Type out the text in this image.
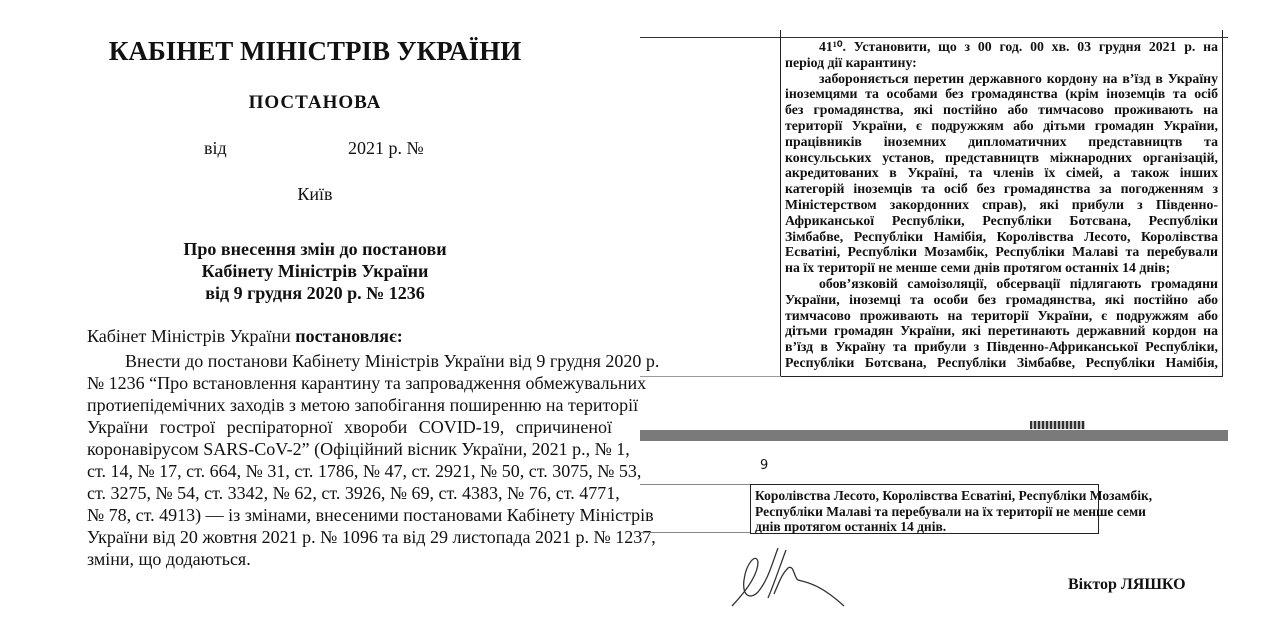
КАБІНЕТ МІНІСТРІВ УКРАЇНИ
ПОСТАНОВА
від	2021 р. №
Київ
Про внесення змін до постанови
Кабінету Міністрів України
від 9 грудня 2020 р. № 1236
Кабінет Міністрів України постановляє:
Внести до постанови Кабінету Міністрів України від 9 грудня 2020 р.
№ 1236 “Про встановлення карантину та запровадження обмежувальних
протиепідемічних заходів з метою запобігання поширенню на території
України гострої респіраторної хвороби COVID-19, спричиненої
коронавірусом SARS-CoV-2” (Офіційний вісник України, 2021 р., № 1,
ст. 14, № 17, ст. 664, № 31, ст. 1786, № 47, ст. 2921, № 50, ст. 3075, № 53,
ст. 3275, № 54, ст. 3342, № 62, ст. 3926, № 69, ст. 4383, № 76, ст. 4771,
№ 78, ст. 4913) — із змінами, внесеними постановами Кабінету Міністрів
України від 20 жовтня 2021 р. № 1096 та від 29 листопада 2021 р. № 1237,
зміни, що додаються.
41¹⁰. Установити, що з 00 год. 00 хв. 03 грудня 2021 р. на
період дії карантину:
забороняється перетин державного кордону на в’їзд в Україну
іноземцями та особами без громадянства (крім іноземців та осіб
без громадянства, які постійно або тимчасово проживають на
території України, є подружжям або дітьми громадян України,
працівників іноземних дипломатичних представництв та
консульських установ, представництв міжнародних організацій,
акредитованих в Україні, та членів їх сімей, а також інших
категорій іноземців та осіб без громадянства за погодженням з
Міністерством закордонних справ), які прибули з Південно-
Африканської Республіки, Республіки Ботсвана, Республіки
Зімбабве, Республіки Намібія, Королівства Лесото, Королівства
Есватіні, Республіки Мозамбік, Республіки Малаві та перебували
на їх території не менше семи днів протягом останніх 14 днів;
обов’язковій самоізоляції, обсервації підлягають громадяни
України, іноземці та особи без громадянства, які постійно або
тимчасово проживають на території України, є подружжям або
дітьми громадян України, які перетинають державний кордон на
в’їзд в Україну та прибули з Південно-Африканської Республіки,
Республіки Ботсвана, Республіки Зімбабве, Республіки Намібія,
9
Королівства Лесото, Королівства Есватіні, Республіки Мозамбік,
Республіки Малаві та перебували на їх території не менше семи
днів протягом останніх 14 днів.
Віктор ЛЯШКО
